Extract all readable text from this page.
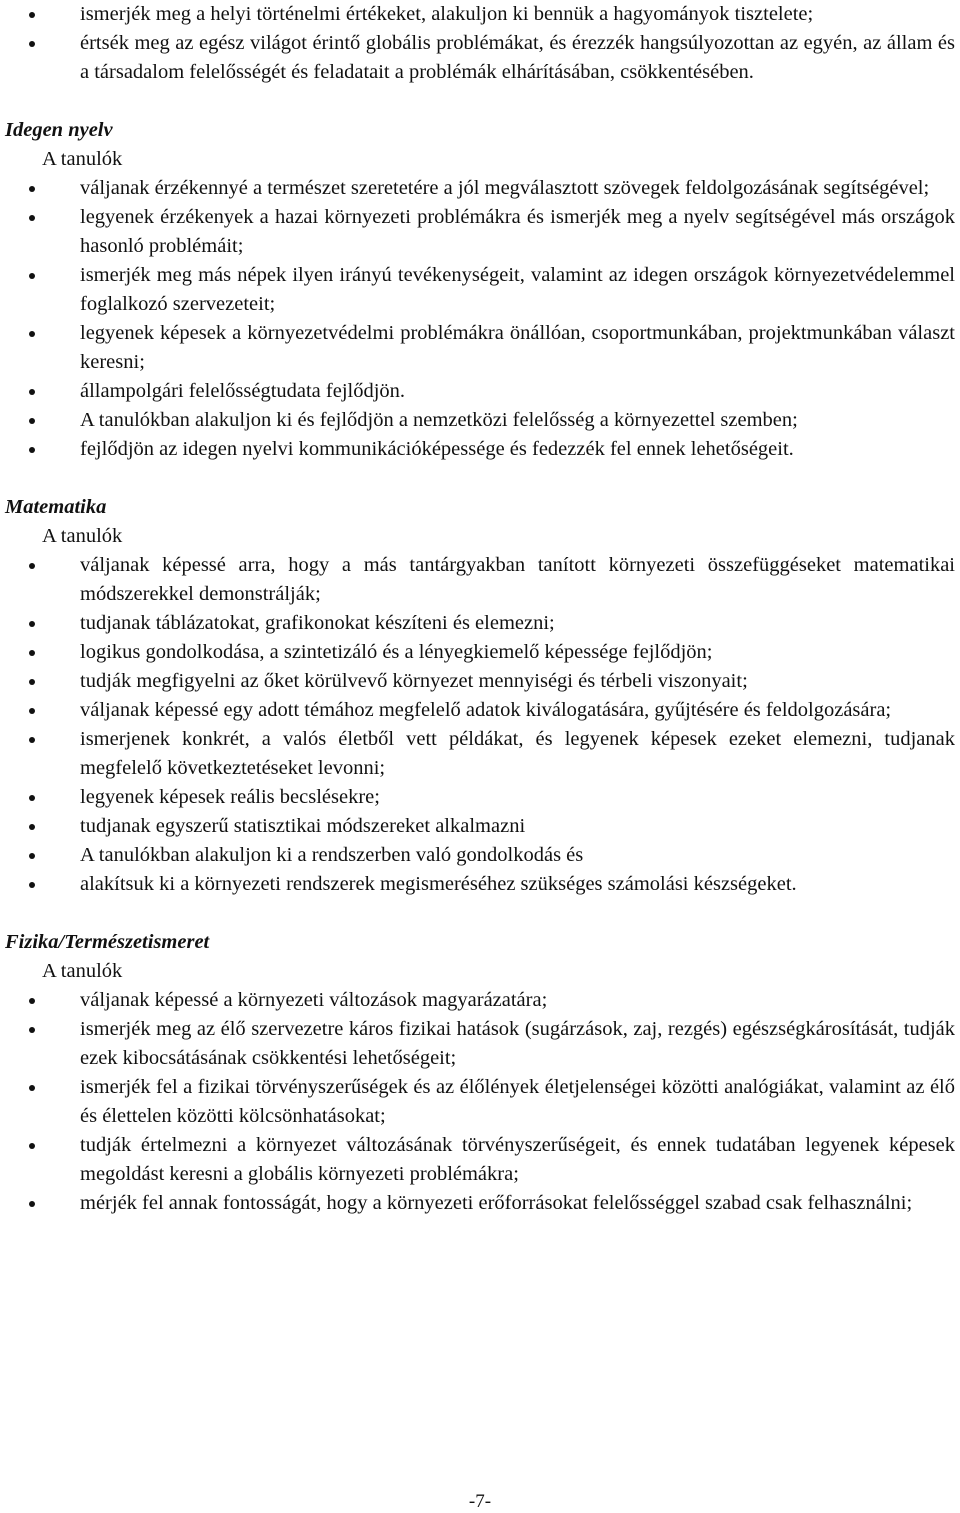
ismerjék meg a helyi történelmi értékeket, alakuljon ki bennük a hagyományok tisztelete;
értsék meg az egész világot érintő globális problémákat, és érezzék hangsúlyozottan az egyén, az állam és a társadalom felelősségét és feladatait a problémák elhárításában, csökkentésében.
Idegen nyelv
A tanulók
váljanak érzékennyé a természet szeretetére a jól megválasztott szövegek feldolgozásának segítségével;
legyenek érzékenyek a hazai környezeti problémákra és ismerjék meg a nyelv segítségével más országok hasonló problémáit;
ismerjék meg más népek ilyen irányú tevékenységeit, valamint az idegen országok környezetvédelemmel foglalkozó szervezeteit;
legyenek képesek a környezetvédelmi problémákra önállóan, csoportmunkában, projektmunkában választ keresni;
állampolgári felelősségtudata fejlődjön.
A tanulókban alakuljon ki és fejlődjön a nemzetközi felelősség a környezettel szemben;
fejlődjön az idegen nyelvi kommunikációképessége és fedezzék fel ennek lehetőségeit.
Matematika
A tanulók
váljanak képessé arra, hogy a más tantárgyakban tanított környezeti összefüggéseket matematikai módszerekkel demonstrálják;
tudjanak táblázatokat, grafikonokat készíteni és elemezni;
logikus gondolkodása, a szintetizáló és a lényegkiemelő képessége fejlődjön;
tudják megfigyelni az őket körülvevő környezet mennyiségi és térbeli viszonyait;
váljanak képessé egy adott témához megfelelő adatok kiválogatására, gyűjtésére és feldolgozására;
ismerjenek konkrét, a valós életből vett példákat, és legyenek képesek ezeket elemezni, tudjanak megfelelő következtetéseket levonni;
legyenek képesek reális becslésekre;
tudjanak egyszerű statisztikai módszereket alkalmazni
A tanulókban alakuljon ki a rendszerben való gondolkodás és
alakítsuk ki a környezeti rendszerek megismeréséhez szükséges számolási készségeket.
Fizika/Természetismeret
A tanulók
váljanak képessé a környezeti változások magyarázatára;
ismerjék meg az élő szervezetre káros fizikai hatások (sugárzások, zaj, rezgés) egészségkárosítását, tudják ezek kibocsátásának csökkentési lehetőségeit;
ismerjék fel a fizikai törvényszerűségek és az élőlények életjelenségei közötti analógiákat, valamint az élő és élettelen közötti kölcsönhatásokat;
tudják értelmezni a környezet változásának törvényszerűségeit, és ennek tudatában legyenek képesek megoldást keresni a globális környezeti problémákra;
mérjék fel annak fontosságát, hogy a környezeti erőforrásokat felelősséggel szabad csak felhasználni;
-7-
